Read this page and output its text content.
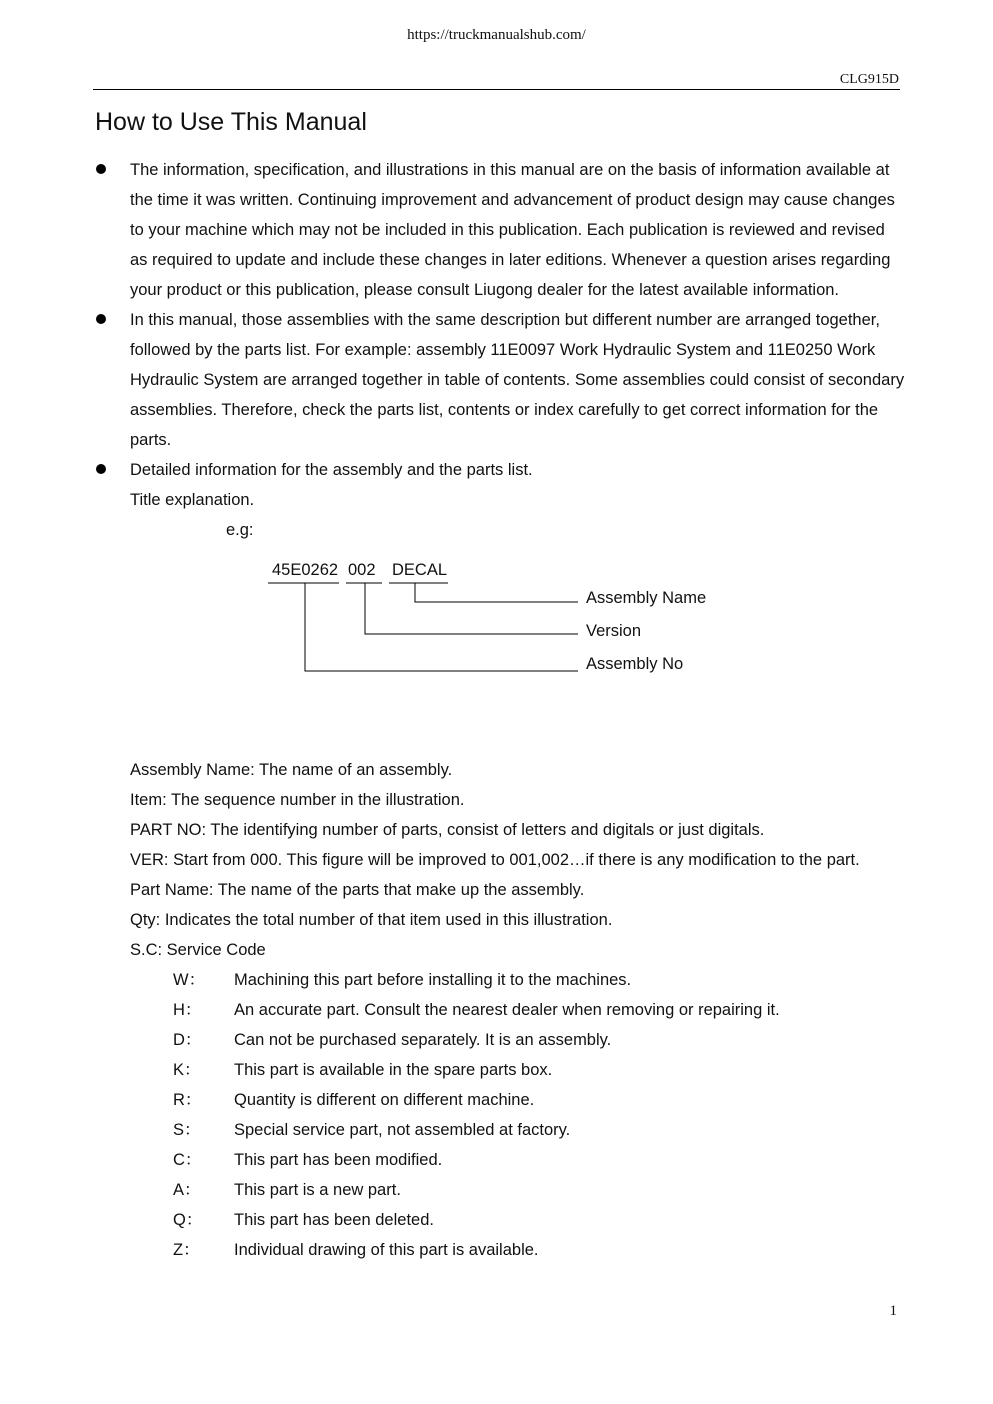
https://truckmanualshub.com/
CLG915D
How to Use This Manual
The information, specification, and illustrations in this manual are on the basis of information available at the time it was written. Continuing improvement and advancement of product design may cause changes to your machine which may not be included in this publication. Each publication is reviewed and revised as required to update and include these changes in later editions. Whenever a question arises regarding your product or this publication, please consult Liugong dealer for the latest available information.
In this manual, those assemblies with the same description but different number are arranged together, followed by the parts list. For example: assembly 11E0097 Work Hydraulic System and 11E0250 Work Hydraulic System are arranged together in table of contents. Some assemblies could consist of secondary assemblies. Therefore, check the parts list, contents or index carefully to get correct information for the parts.
Detailed information for the assembly and the parts list.
Title explanation.
e.g:
45E0262 002 DECAL
Assembly Name
Version
Assembly No
Assembly Name: The name of an assembly.
Item: The sequence number in the illustration.
PART NO: The identifying number of parts, consist of letters and digitals or just digitals.
VER: Start from 000. This figure will be improved to 001,002…if there is any modification to the part.
Part Name: The name of the parts that make up the assembly.
Qty: Indicates the total number of that item used in this illustration.
S.C: Service Code
W：	Machining this part before installing it to the machines.
H：	An accurate part. Consult the nearest dealer when removing or repairing it.
D：	Can not be purchased separately. It is an assembly.
K：	This part is available in the spare parts box.
R：	Quantity is different on different machine.
S：	Special service part, not assembled at factory.
C：	This part has been modified.
A：	This part is a new part.
Q：	This part has been deleted.
Z：	Individual drawing of this part is available.
1
